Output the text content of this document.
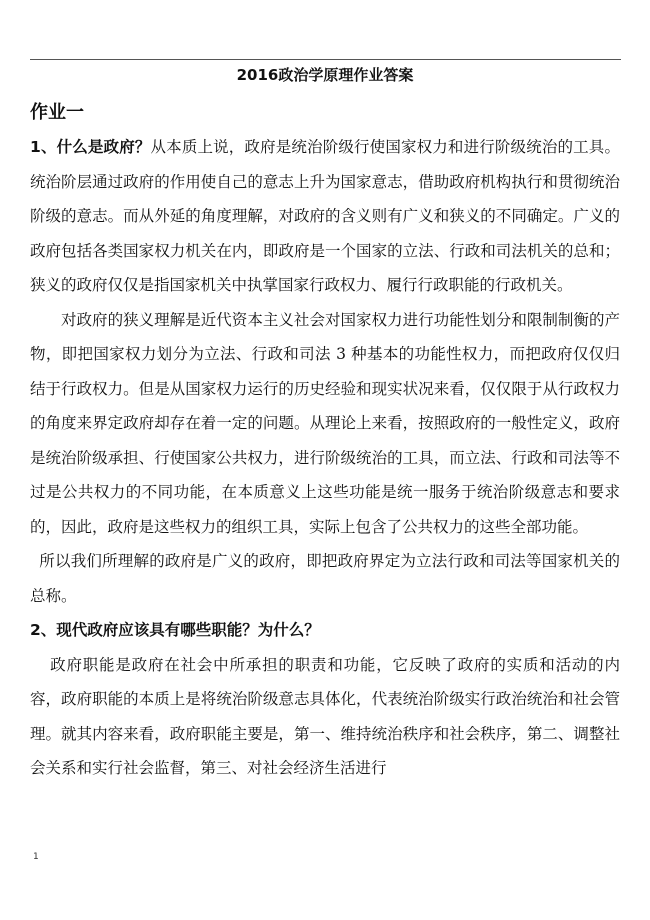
2016政治学原理作业答案
作业一

1、什么是政府？从本质上说，政府是统治阶级行使国家权力和进行阶级统治的工具。统治阶层通过政府的作用使自己的意志上升为国家意志，借助政府机构执行和贯彻统治阶级的意志。而从外延的角度理解，对政府的含义则有广义和狭义的不同确定。广义的政府包括各类国家权力机关在内，即政府是一个国家的立法、行政和司法机关的总和；狭义的政府仅仅是指国家机关中执掌国家行政权力、履行行政职能的行政机关。

对政府的狭义理解是近代资本主义社会对国家权力进行功能性划分和限制制衡的产物，即把国家权力划分为立法、行政和司法 3 种基本的功能性权力，而把政府仅仅归结于行政权力。但是从国家权力运行的历史经验和现实状况来看，仅仅限于从行政权力的角度来界定政府却存在着一定的问题。从理论上来看，按照政府的一般性定义，政府是统治阶级承担、行使国家公共权力，进行阶级统治的工具，而立法、行政和司法等不过是公共权力的不同功能，在本质意义上这些功能是统一服务于统治阶级意志和要求的，因此，政府是这些权力的组织工具，实际上包含了公共权力的这些全部功能。

所以我们所理解的政府是广义的政府，即把政府界定为立法行政和司法等国家机关的总称。

2、现代政府应该具有哪些职能？为什么？

政府职能是政府在社会中所承担的职责和功能，它反映了政府的实质和活动的内容，政府职能的本质上是将统治阶级意志具体化，代表统治阶级实行政治统治和社会管理。就其内容来看，政府职能主要是，第一、维持统治秩序和社会秩序，第二、调整社会关系和实行社会监督，第三、对社会经济生活进行

1
